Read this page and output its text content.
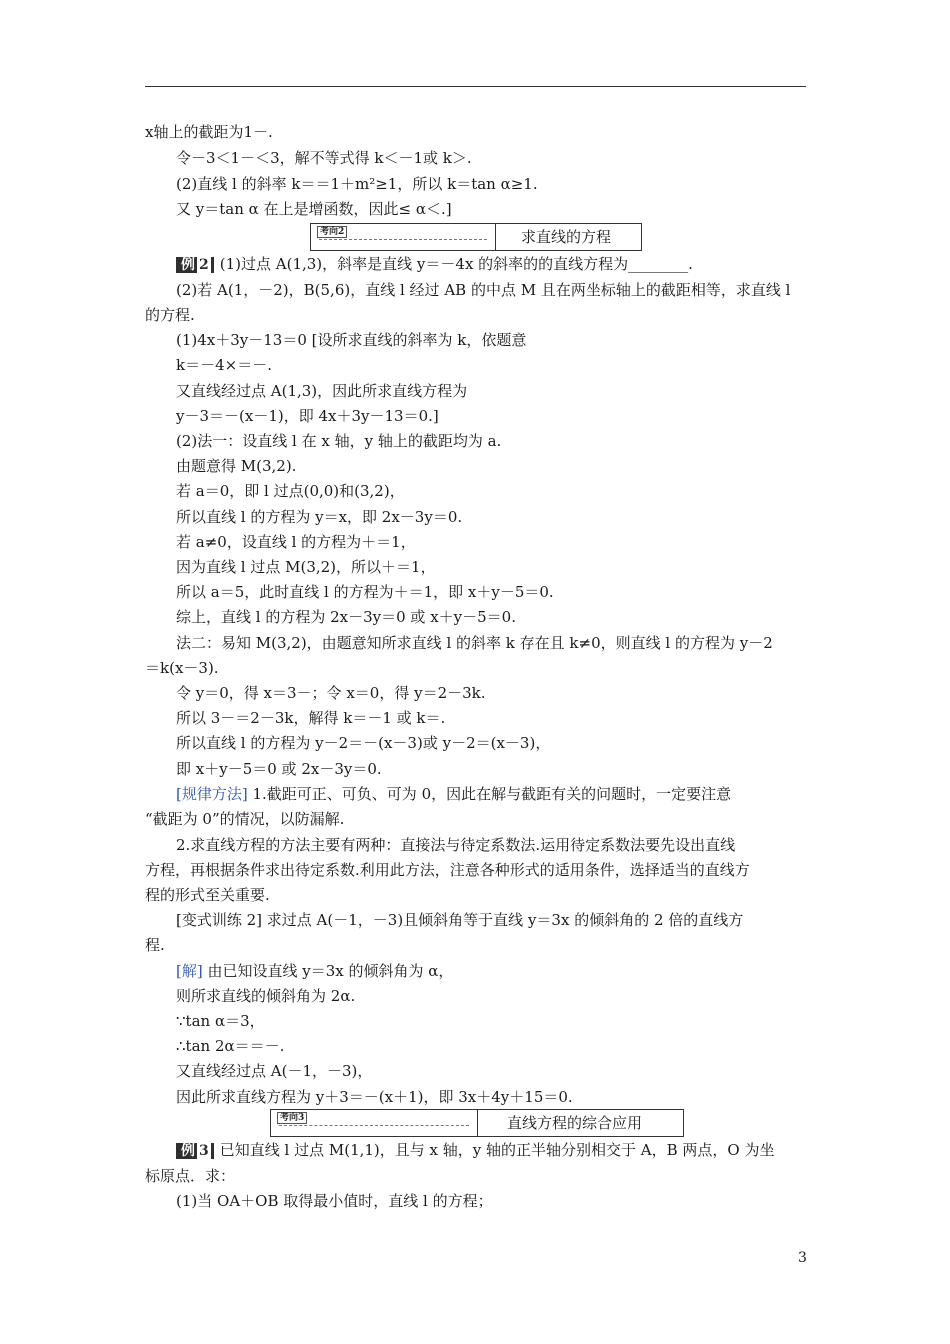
x轴上的截距为1－.
令－3＜1－＜3，解不等式得 k＜－1或 k＞.
(2)直线 l 的斜率 k＝＝1＋m²≥1，所以 k＝tan α≥1.
又 y＝tan α 在上是增函数，因此≤ α＜.]
考向2	求直线的方程
例 2 (1)过点 A(1,3)，斜率是直线 y＝－4x 的斜率的的直线方程为________.
(2)若 A(1，－2)，B(5,6)，直线 l 经过 AB 的中点 M 且在两坐标轴上的截距相等，求直线 l
的方程.
(1)4x＋3y－13＝0 [设所求直线的斜率为 k，依题意
k＝－4×＝－.
又直线经过点 A(1,3)，因此所求直线方程为
y－3＝－(x－1)，即 4x＋3y－13＝0.]
(2)法一：设直线 l 在 x 轴，y 轴上的截距均为 a.
由题意得 M(3,2).
若 a＝0，即 l 过点(0,0)和(3,2)，
所以直线 l 的方程为 y＝x，即 2x－3y＝0.
若 a≠0，设直线 l 的方程为＋＝1，
因为直线 l 过点 M(3,2)，所以＋＝1，
所以 a＝5，此时直线 l 的方程为＋＝1，即 x＋y－5＝0.
综上，直线 l 的方程为 2x－3y＝0 或 x＋y－5＝0.
法二：易知 M(3,2)，由题意知所求直线 l 的斜率 k 存在且 k≠0，则直线 l 的方程为 y－2
＝k(x－3).
令 y＝0，得 x＝3－；令 x＝0，得 y＝2－3k.
所以 3－＝2－3k，解得 k＝－1 或 k＝.
所以直线 l 的方程为 y－2＝－(x－3)或 y－2＝(x－3)，
即 x＋y－5＝0 或 2x－3y＝0.
[规律方法] 1.截距可正、可负、可为 0，因此在解与截距有关的问题时，一定要注意
“截距为 0”的情况，以防漏解.
2.求直线方程的方法主要有两种：直接法与待定系数法.运用待定系数法要先设出直线
方程，再根据条件求出待定系数.利用此方法，注意各种形式的适用条件，选择适当的直线方
程的形式至关重要.
[变式训练 2] 求过点 A(－1，－3)且倾斜角等于直线 y＝3x 的倾斜角的 2 倍的直线方
程.
[解] 由已知设直线 y＝3x 的倾斜角为 α，
则所求直线的倾斜角为 2α.
∵tan α＝3，
∴tan 2α＝＝－.
又直线经过点 A(－1，－3)，
因此所求直线方程为 y＋3＝－(x＋1)，即 3x＋4y＋15＝0.
考向3	直线方程的综合应用
例 3 已知直线 l 过点 M(1,1)，且与 x 轴，y 轴的正半轴分别相交于 A，B 两点，O 为坐
标原点．求：
(1)当 OA＋OB 取得最小值时，直线 l 的方程；
3
